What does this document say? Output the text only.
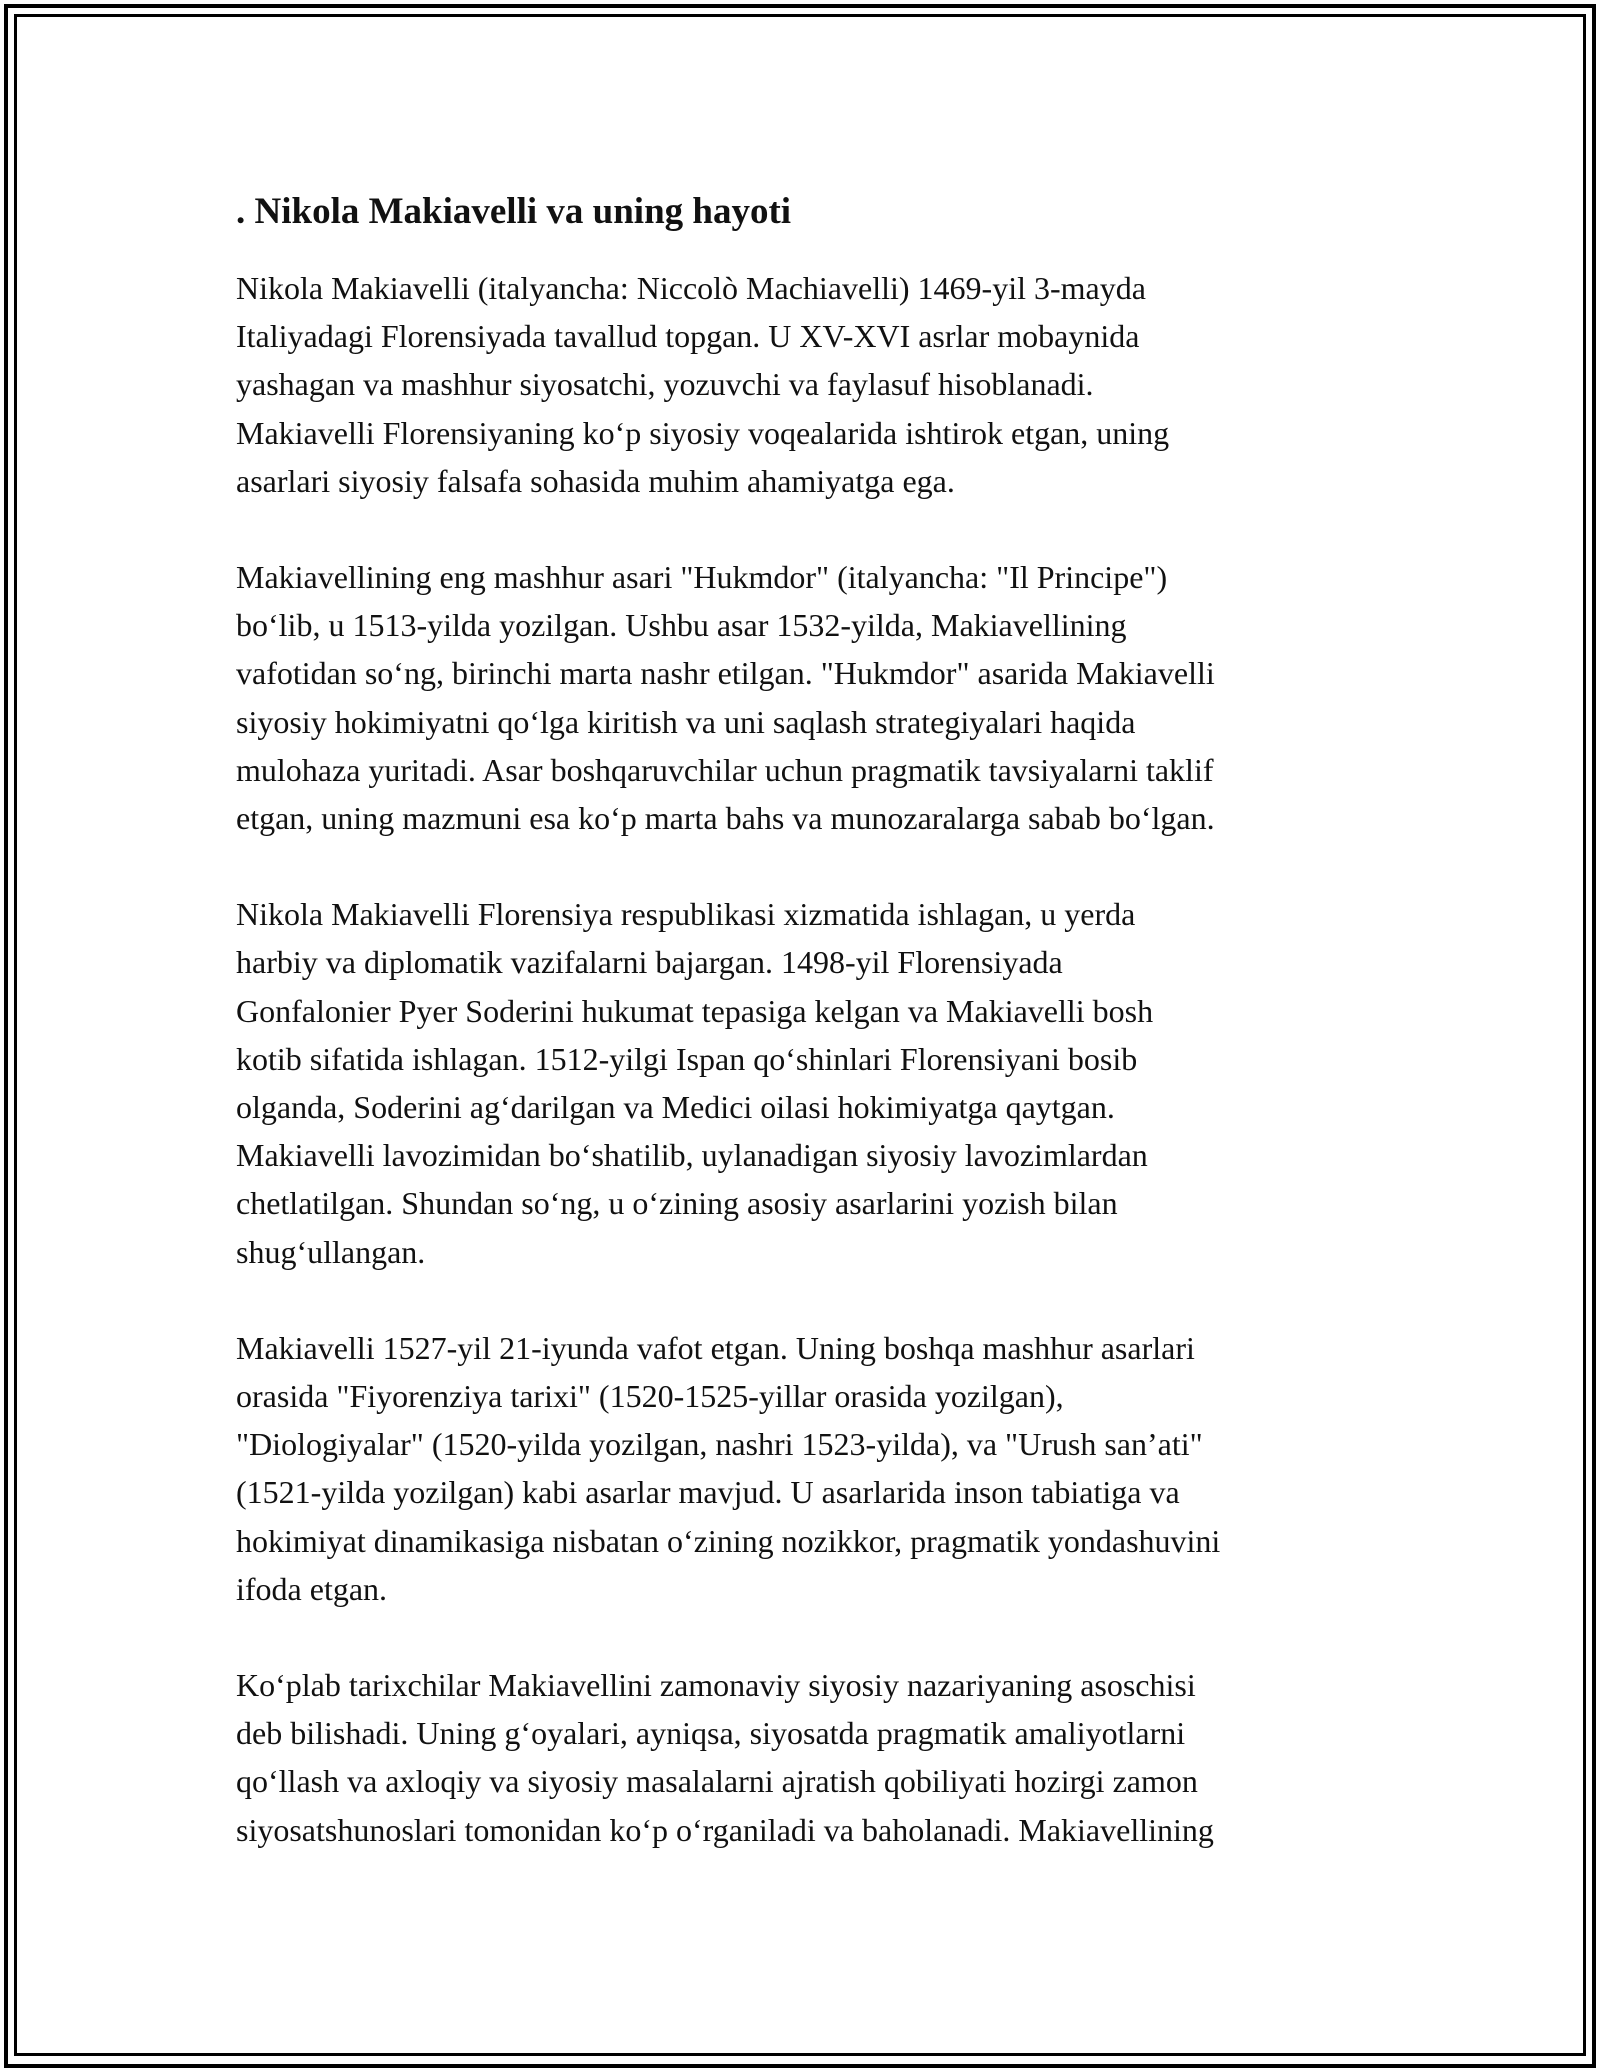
. Nikola Makiavelli va uning hayoti

Nikola Makiavelli (italyancha: Niccolò Machiavelli) 1469-yil 3-mayda
Italiyadagi Florensiyada tavallud topgan. U XV-XVI asrlar mobaynida
yashagan va mashhur siyosatchi, yozuvchi va faylasuf hisoblanadi.
Makiavelli Florensiyaning koʻp siyosiy voqealarida ishtirok etgan, uning
asarlari siyosiy falsafa sohasida muhim ahamiyatga ega.

Makiavellining eng mashhur asari "Hukmdor" (italyancha: "Il Principe")
boʻlib, u 1513-yilda yozilgan. Ushbu asar 1532-yilda, Makiavellining
vafotidan soʻng, birinchi marta nashr etilgan. "Hukmdor" asarida Makiavelli
siyosiy hokimiyatni qoʻlga kiritish va uni saqlash strategiyalari haqida
mulohaza yuritadi. Asar boshqaruvchilar uchun pragmatik tavsiyalarni taklif
etgan, uning mazmuni esa koʻp marta bahs va munozaralarga sabab boʻlgan.

Nikola Makiavelli Florensiya respublikasi xizmatida ishlagan, u yerda
harbiy va diplomatik vazifalarni bajargan. 1498-yil Florensiyada
Gonfalonier Pyer Soderini hukumat tepasiga kelgan va Makiavelli bosh
kotib sifatida ishlagan. 1512-yilgi Ispan qoʻshinlari Florensiyani bosib
olganda, Soderini agʻdarilgan va Medici oilasi hokimiyatga qaytgan.
Makiavelli lavozimidan boʻshatilib, uylanadigan siyosiy lavozimlardan
chetlatilgan. Shundan soʻng, u oʻzining asosiy asarlarini yozish bilan
shugʻullangan.

Makiavelli 1527-yil 21-iyunda vafot etgan. Uning boshqa mashhur asarlari
orasida "Fiyorenziya tarixi" (1520-1525-yillar orasida yozilgan),
"Diologiyalar" (1520-yilda yozilgan, nashri 1523-yilda), va "Urush san’ati"
(1521-yilda yozilgan) kabi asarlar mavjud. U asarlarida inson tabiatiga va
hokimiyat dinamikasiga nisbatan oʻzining nozikkor, pragmatik yondashuvini
ifoda etgan.

Koʻplab tarixchilar Makiavellini zamonaviy siyosiy nazariyaning asoschisi
deb bilishadi. Uning gʻoyalari, ayniqsa, siyosatda pragmatik amaliyotlarni
qoʻllash va axloqiy va siyosiy masalalarni ajratish qobiliyati hozirgi zamon
siyosatshunoslari tomonidan koʻp oʻrganiladi va baholanadi. Makiavellining
